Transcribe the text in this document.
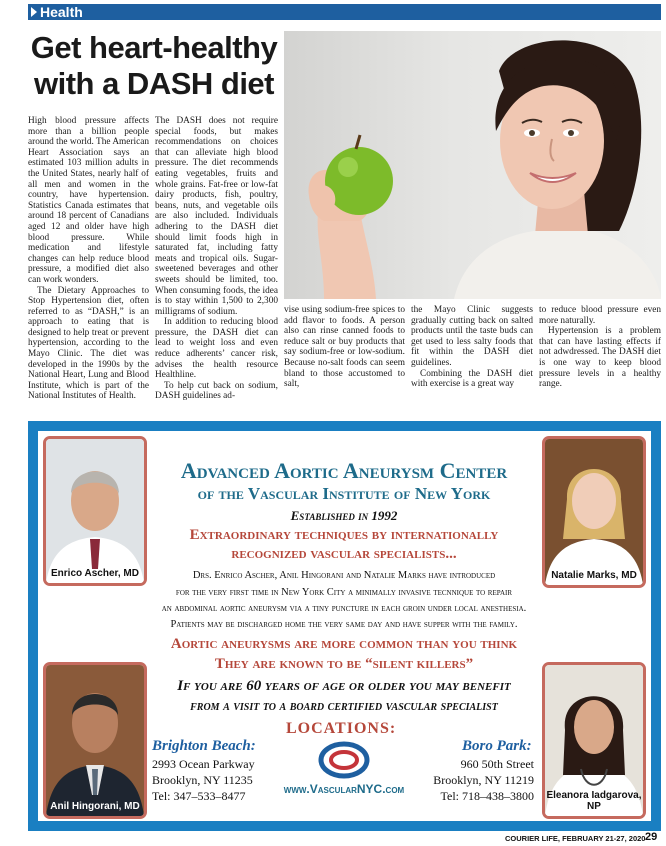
Health
Get heart-healthy
with a DASH diet

High blood pressure affects more than a billion people around the world. The American Heart Association says an estimated 103 million adults in the United States, nearly half of all men and women in the country, have hypertension. Statistics Canada estimates that around 18 percent of Canadians aged 12 and older have high blood pressure. While medication and lifestyle changes can help reduce blood pressure, a modified diet also can work wonders.

The Dietary Approaches to Stop Hypertension diet, often referred to as “DASH,” is an approach to eating that is designed to help treat or prevent hypertension, according to the Mayo Clinic. The diet was developed in the 1990s by the National Heart, Lung and Blood Institute, which is part of the National Institutes of Health.

The DASH does not require special foods, but makes recommendations on choices that can alleviate high blood pressure. The diet recommends eating vegetables, fruits and whole grains. Fat-free or low-fat dairy products, fish, poultry, beans, nuts, and vegetable oils are also included. Individuals adhering to the DASH diet should limit foods high in saturated fat, including fatty meats and tropical oils. Sugar-sweetened beverages and other sweets should be limited, too. When consuming foods, the idea is to stay within 1,500 to 2,300 milligrams of sodium.

In addition to reducing blood pressure, the DASH diet can lead to weight loss and even reduce adherents’ cancer risk, advises the health resource Healthline.

To help cut back on sodium, DASH guidelines ad-

vise using sodium-free spices to add flavor to foods. A person also can rinse canned foods to reduce salt or buy products that say sodium-free or low-sodium. Because no-salt foods can seem bland to those accustomed to salt,

the Mayo Clinic suggests gradually cutting back on salted products until the taste buds can get used to less salty foods that fit within the DASH diet guidelines.

Combining the DASH diet with exercise is a great way

to reduce blood pressure even more naturally.

Hypertension is a problem that can have lasting effects if not adwdressed. The DASH diet is one way to keep blood pressure levels in a healthy range.

Enrico Ascher, MD	Natalie Marks, MD
Anil Hingorani, MD
Eleanora Iadgarova, NP
Advanced Aortic Aneurysm Center
of the Vascular Institute of New York
Established in 1992
Extraordinary techniques by internationally
recognized vascular specialists...
Drs. Enrico Ascher, Anil Hingorani and Natalie Marks have introduced
for the very first time in New York City a minimally invasive tecnnique to repair
an abdominal aortic aneurysm via a tiny puncture in each groin under local anesthesia.
Patients may be discharged home the very same day and have supper with the family.
Aortic aneurysms are more common than you think
They are known to be “silent killers”
If you are 60 years of age or older you may benefit
from a visit to a board certified vascular specialist
LOCATIONS:
Brighton Beach:
2993 Ocean Parkway
Brooklyn, NY 11235
Tel: 347–533–8477
Boro Park:
960 50th Street
Brooklyn, NY 11219
Tel: 718–438–3800
www.VascularNYC.com
COURIER LIFE, FEBRUARY 21-27, 2020 29
